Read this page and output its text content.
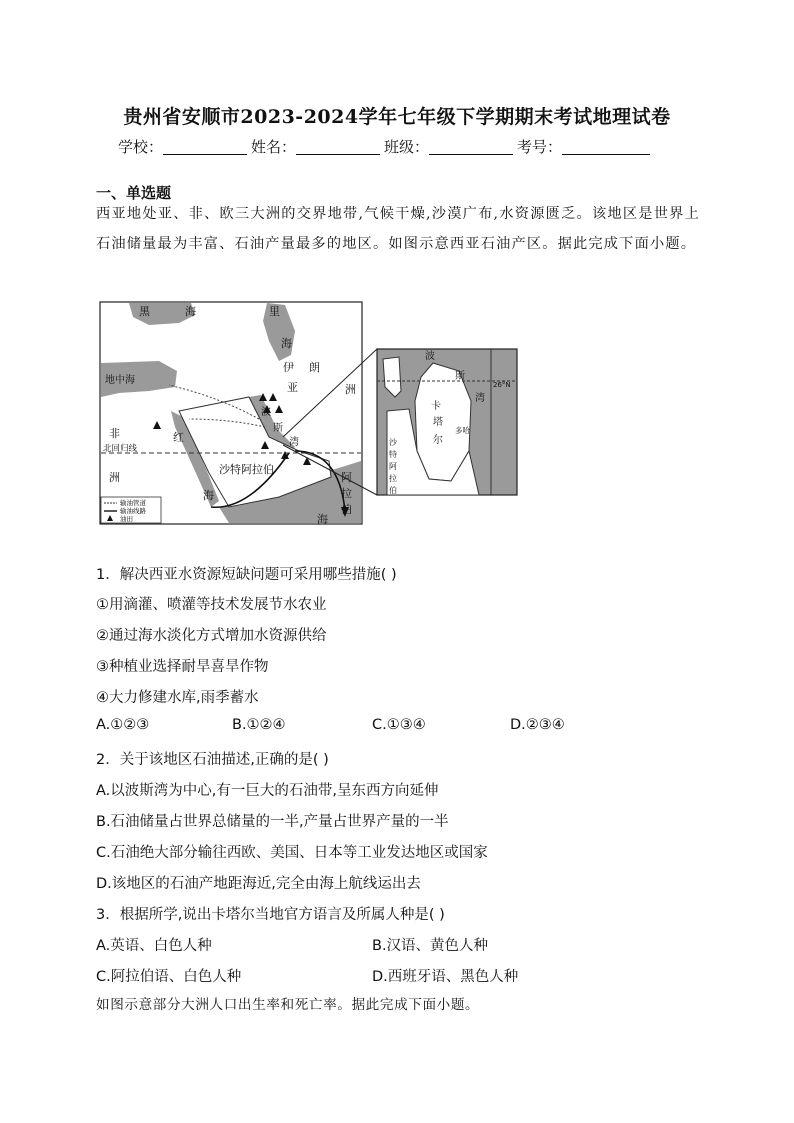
贵州省安顺市2023-2024学年七年级下学期期末考试地理试卷
学校：	姓名：	班级：	考号：
一、单选题
西亚地处亚、非、欧三大洲的交界地带,气候干燥,沙漠广布,水资源匮乏。该地区是世界上石油储量最为丰富、石油产量最多的地区。如图示意西亚石油产区。据此完成下面小题。
输油管道
输油线路
油田
黑	海	里
海
伊 朗
地中海
亚	洲
非
北回归线
洲
红
海
波
斯
湾
沙特阿拉伯
阿
拉
伯
海
波
斯
湾
26°N
卡
塔
尔
多哈
沙
特
阿
拉
伯
1．解决西亚水资源短缺问题可采用哪些措施( )
①用滴灌、喷灌等技术发展节水农业
②通过海水淡化方式增加水资源供给
③种植业选择耐旱喜旱作物
④大力修建水库,雨季蓄水
A.①②③	B.①②④	C.①③④	D.②③④
2．关于该地区石油描述,正确的是( )
A.以波斯湾为中心,有一巨大的石油带,呈东西方向延伸
B.石油储量占世界总储量的一半,产量占世界产量的一半
C.石油绝大部分输往西欧、美国、日本等工业发达地区或国家
D.该地区的石油产地距海近,完全由海上航线运出去
3．根据所学,说出卡塔尔当地官方语言及所属人种是( )
A.英语、白色人种	B.汉语、黄色人种
C.阿拉伯语、白色人种	D.西班牙语、黑色人种
如图示意部分大洲人口出生率和死亡率。据此完成下面小题。
